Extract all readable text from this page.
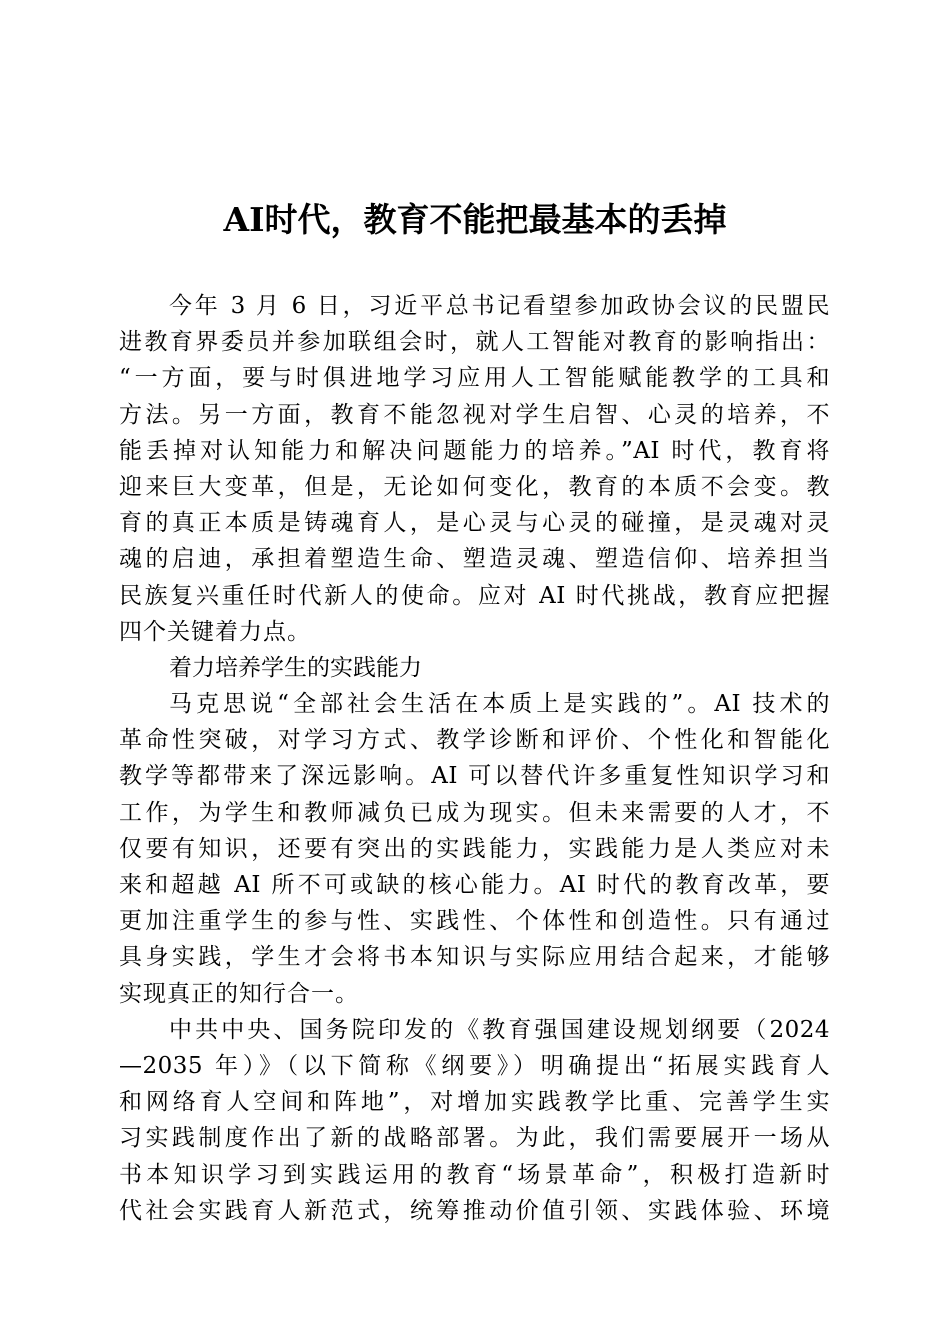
AI时代，教育不能把最基本的丢掉
今年 3 月 6 日，习近平总书记看望参加政协会议的民盟民
进教育界委员并参加联组会时，就人工智能对教育的影响指出：
“一方面，要与时俱进地学习应用人工智能赋能教学的工具和
方法。另一方面，教育不能忽视对学生启智、心灵的培养，不
能丢掉对认知能力和解决问题能力的培养。”AI 时代，教育将
迎来巨大变革，但是，无论如何变化，教育的本质不会变。教
育的真正本质是铸魂育人，是心灵与心灵的碰撞，是灵魂对灵
魂的启迪，承担着塑造生命、塑造灵魂、塑造信仰、培养担当
民族复兴重任时代新人的使命。应对 AI 时代挑战，教育应把握
四个关键着力点。
着力培养学生的实践能力
马克思说“全部社会生活在本质上是实践的”。AI 技术的
革命性突破，对学习方式、教学诊断和评价、个性化和智能化
教学等都带来了深远影响。AI 可以替代许多重复性知识学习和
工作，为学生和教师减负已成为现实。但未来需要的人才，不
仅要有知识，还要有突出的实践能力，实践能力是人类应对未
来和超越 AI 所不可或缺的核心能力。AI 时代的教育改革，要
更加注重学生的参与性、实践性、个体性和创造性。只有通过
具身实践，学生才会将书本知识与实际应用结合起来，才能够
实现真正的知行合一。
中共中央、国务院印发的《教育强国建设规划纲要（2024
—2035 年）》（以下简称《纲要》）明确提出“拓展实践育人
和网络育人空间和阵地”，对增加实践教学比重、完善学生实
习实践制度作出了新的战略部署。为此，我们需要展开一场从
书本知识学习到实践运用的教育“场景革命”，积极打造新时
代社会实践育人新范式，统筹推动价值引领、实践体验、环境
